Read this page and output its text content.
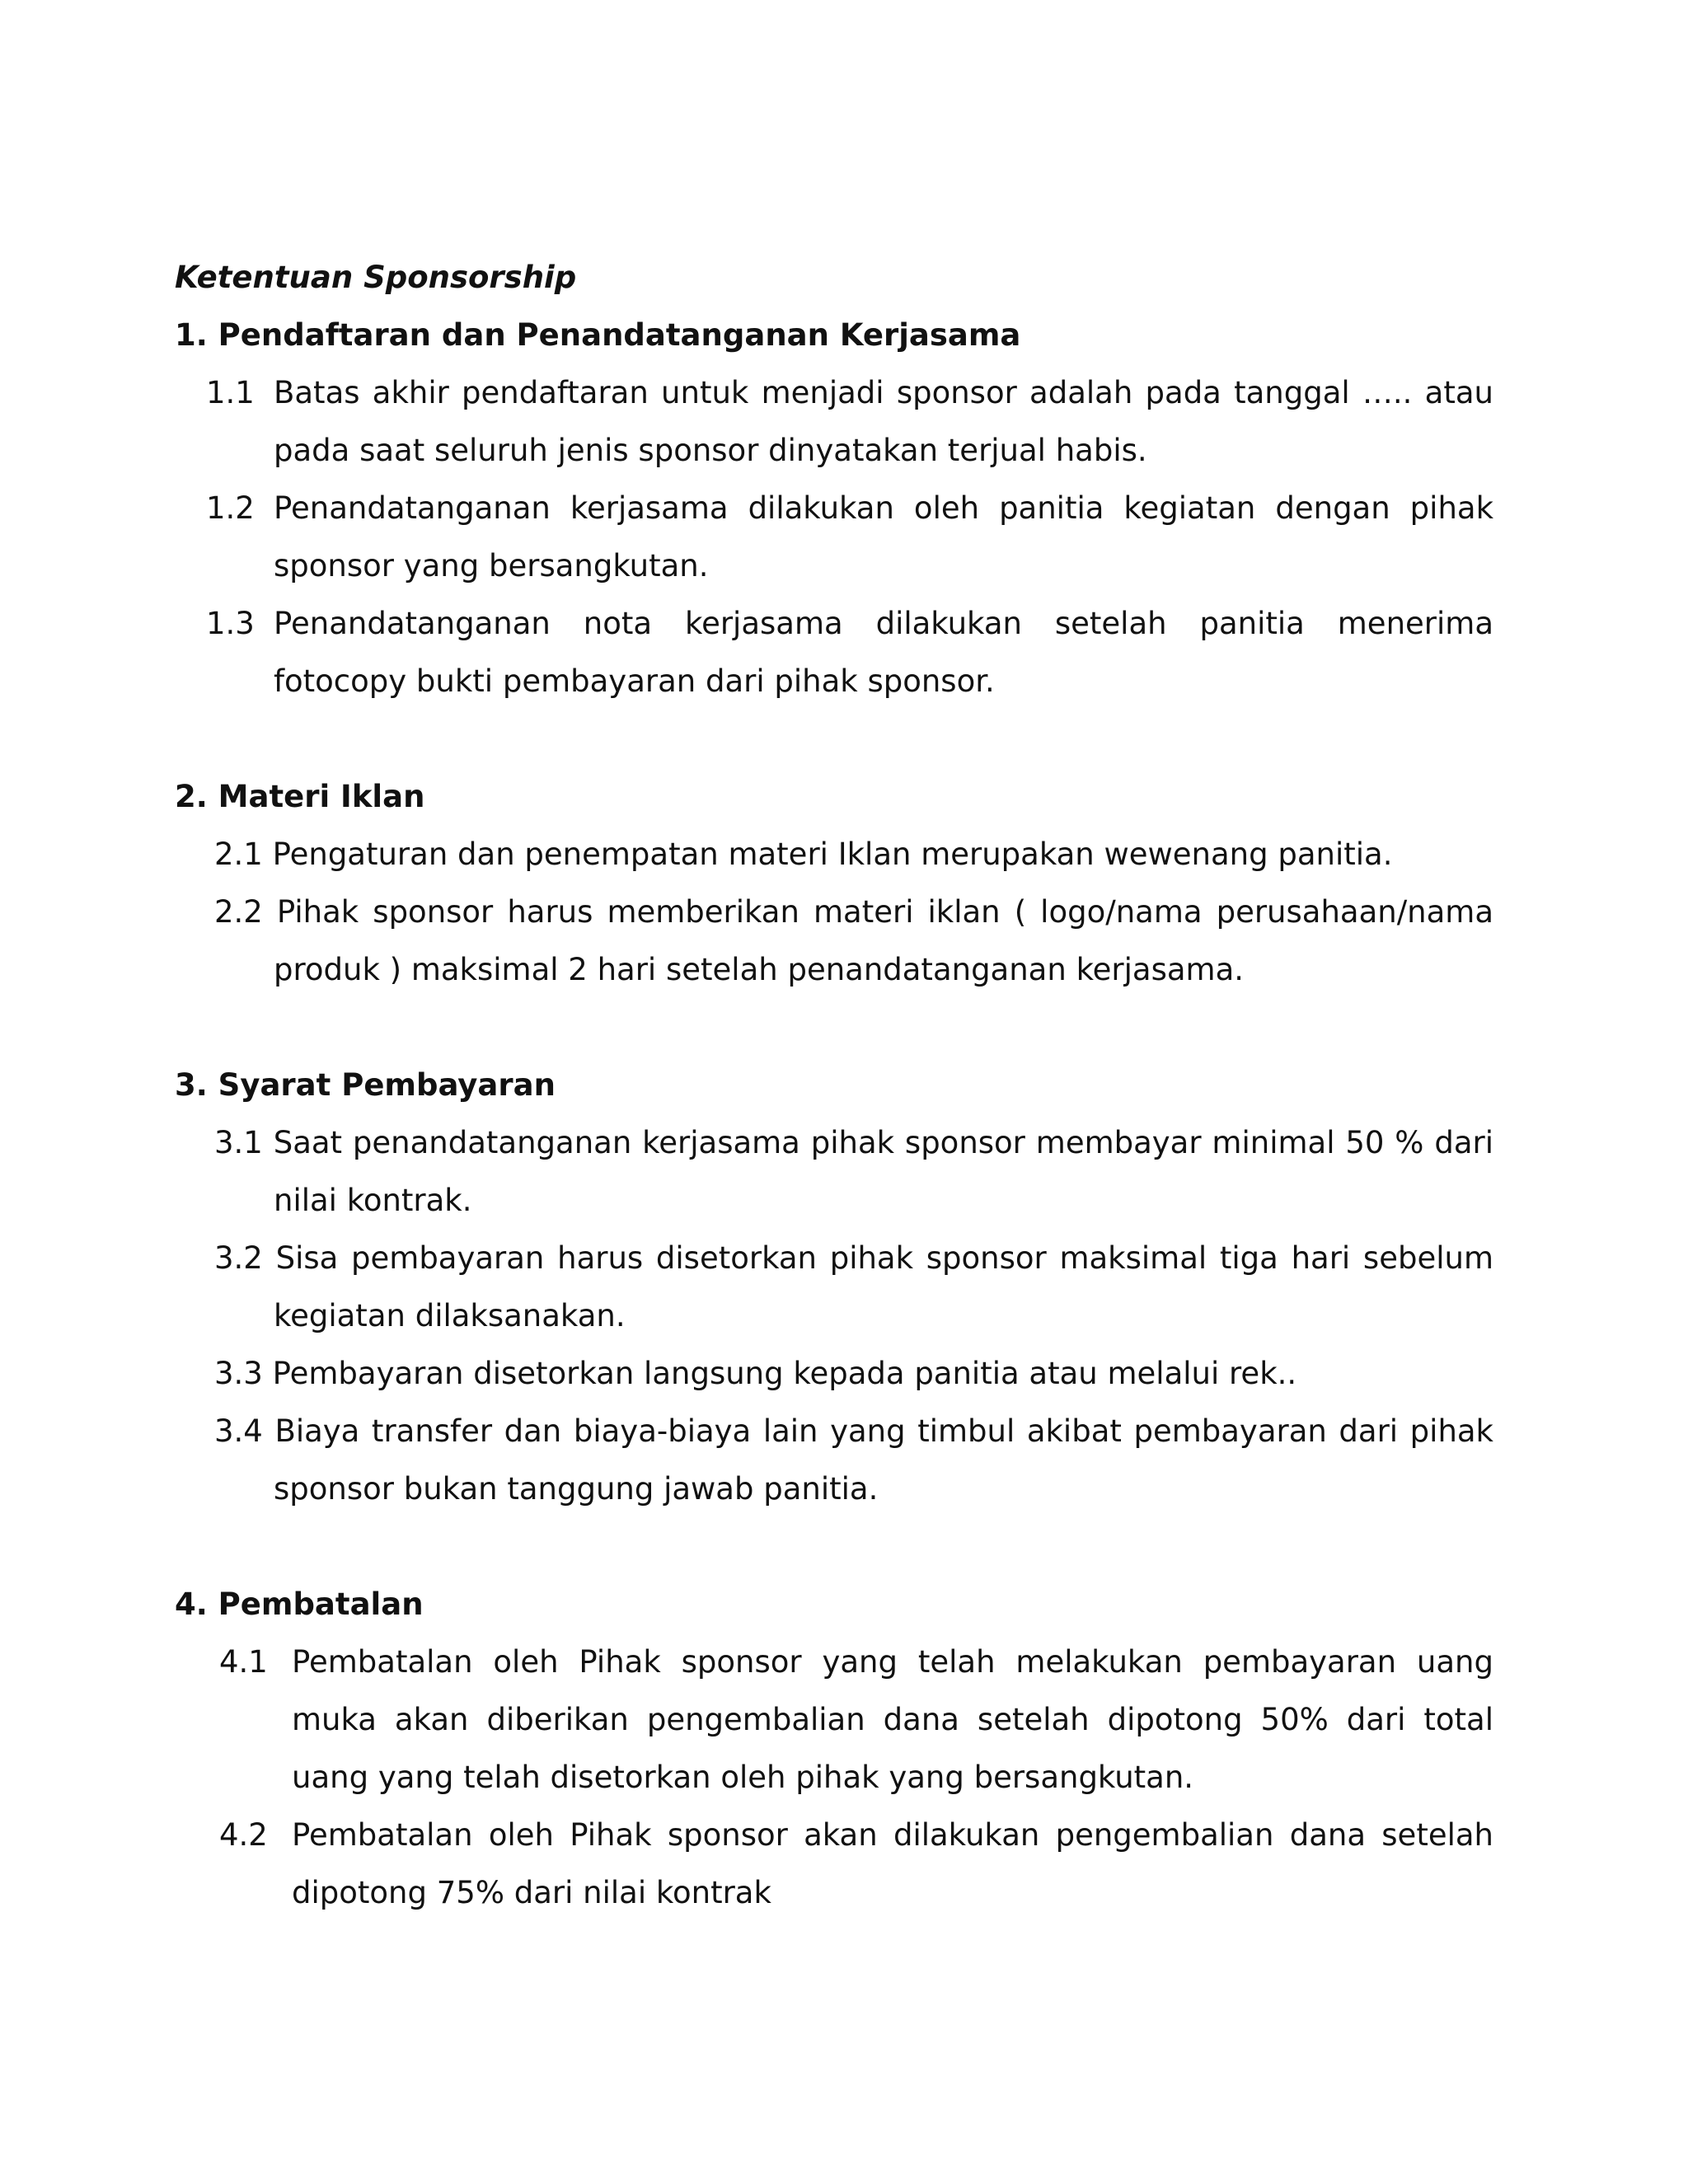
Ketentuan Sponsorship

1. Pendaftaran dan Penandatanganan Kerjasama

1.1 Batas akhir pendaftaran untuk menjadi sponsor adalah pada tanggal ….. atau pada saat seluruh jenis sponsor dinyatakan terjual habis.

1.2 Penandatanganan kerjasama dilakukan oleh panitia kegiatan dengan pihak sponsor yang bersangkutan.

1.3 Penandatanganan nota kerjasama dilakukan setelah panitia menerima fotocopy bukti pembayaran dari pihak sponsor.

2. Materi Iklan

2.1 Pengaturan dan penempatan materi Iklan merupakan wewenang panitia.

2.2 Pihak sponsor harus memberikan materi iklan ( logo/nama perusahaan/nama produk ) maksimal 2 hari setelah penandatanganan kerjasama.

3. Syarat Pembayaran

3.1 Saat penandatanganan kerjasama pihak sponsor membayar minimal 50 % dari nilai kontrak.

3.2 Sisa pembayaran harus disetorkan pihak sponsor maksimal tiga hari sebelum kegiatan dilaksanakan.

3.3 Pembayaran disetorkan langsung kepada panitia atau melalui rek..

3.4 Biaya transfer dan biaya-biaya lain yang timbul akibat pembayaran dari pihak sponsor bukan tanggung jawab panitia.

4. Pembatalan

4.1 Pembatalan oleh Pihak sponsor yang telah melakukan pembayaran uang muka akan diberikan pengembalian dana setelah dipotong 50% dari total uang yang telah disetorkan oleh pihak yang bersangkutan.

4.2 Pembatalan oleh Pihak sponsor akan dilakukan pengembalian dana setelah dipotong 75% dari nilai kontrak
